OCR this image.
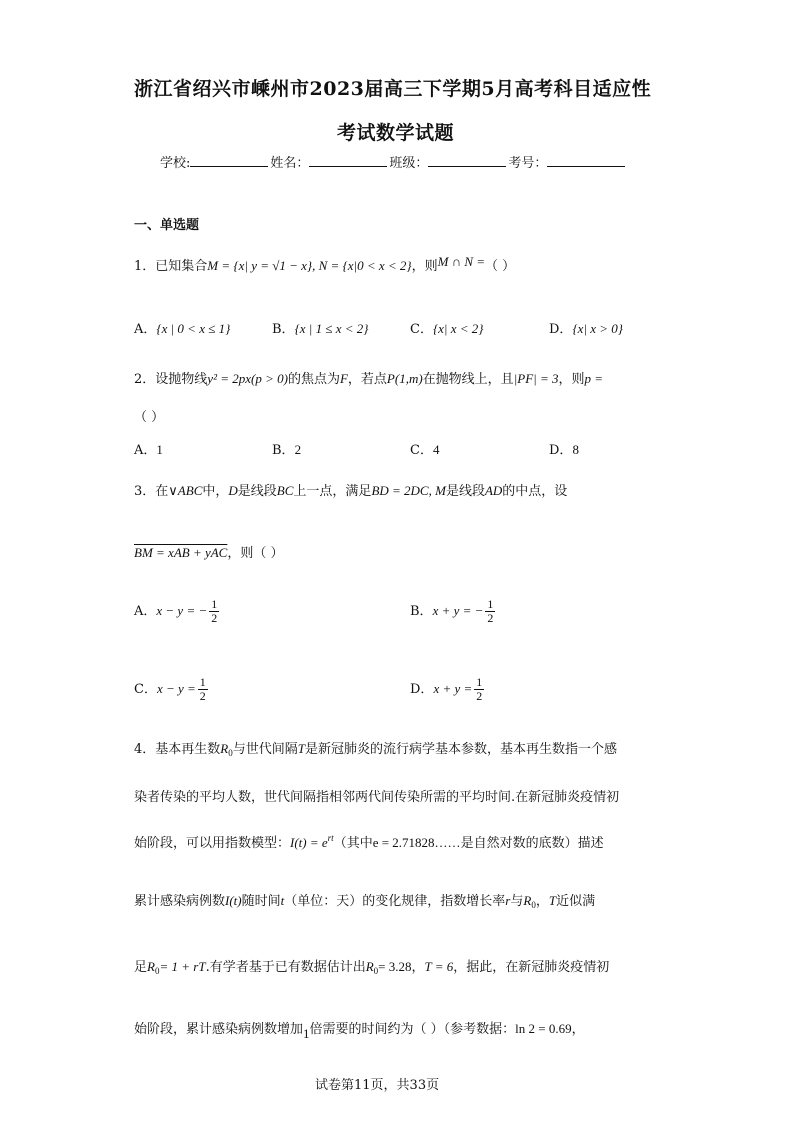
浙江省绍兴市嵊州市2023届高三下学期5月高考科目适应性
考试数学试题
学校:	姓名：	班级：	考号：
一、单选题
1．已知集合M = {x| y = √1 − x}, N = {x|0 < x < 2}，则M ∩ N =（ ）
A．{x | 0 < x ≤ 1}	B．{x | 1 ≤ x < 2}	C．{x| x < 2}	D．{x| x > 0}
2．设抛物线y² = 2px(p > 0)的焦点为F，若点P(1,m)在抛物线上，且|PF| = 3，则p =
（ ）
A．1	B．2	C．4	D．8
3．在∨ABC中，D是线段BC上一点，满足BD = 2DC, M是线段AD的中点，设
BM = xAB + yAC，则（ ）
A．x − y = − $\frac{1}{2}$	B．x + y = − $\frac{1}{2}$
C．$x - y = \frac{1}{2}$	D．$x + y = \frac{1}{2}$
4．基本再生数$R_0$与世代间隔T是新冠肺炎的流行病学基本参数，基本再生数指一个感
染者传染的平均人数，世代间隔指相邻两代间传染所需的平均时间.在新冠肺炎疫情初
始阶段，可以用指数模型：$I(t) = e^{rt}$（其中e = 2.71828……是自然对数的底数）描述
累计感染病例数I(t)随时间t（单位：天）的变化规律，指数增长率r与$R_0$，T近似满
足$R_0= 1$ + rT.有学者基于已有数据估计出$R_0= 3.28$，T = 6，据此，在新冠肺炎疫情初
始阶段，累计感染病例数增加1倍需要的时间约为（ ）（参考数据：ln 2 = 0.69，
试卷第11页，共33页
